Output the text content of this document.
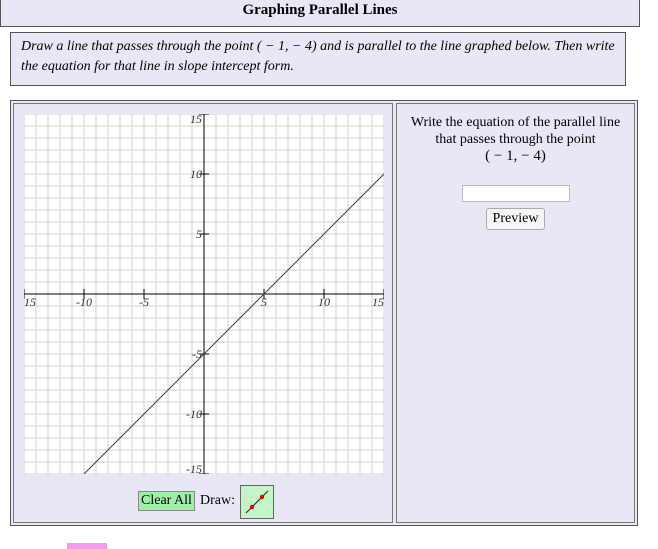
Graphing Parallel Lines
Draw a line that passes through the point ( − 1, − 4) and is parallel to the line graphed below. Then write the equation for that line in slope intercept form.
15	-10	-5	5	10	15
15
10
5
-5
-10
-15
Clear All Draw:
Write the equation of the parallel line that passes through the point
( − 1, − 4)
Preview
